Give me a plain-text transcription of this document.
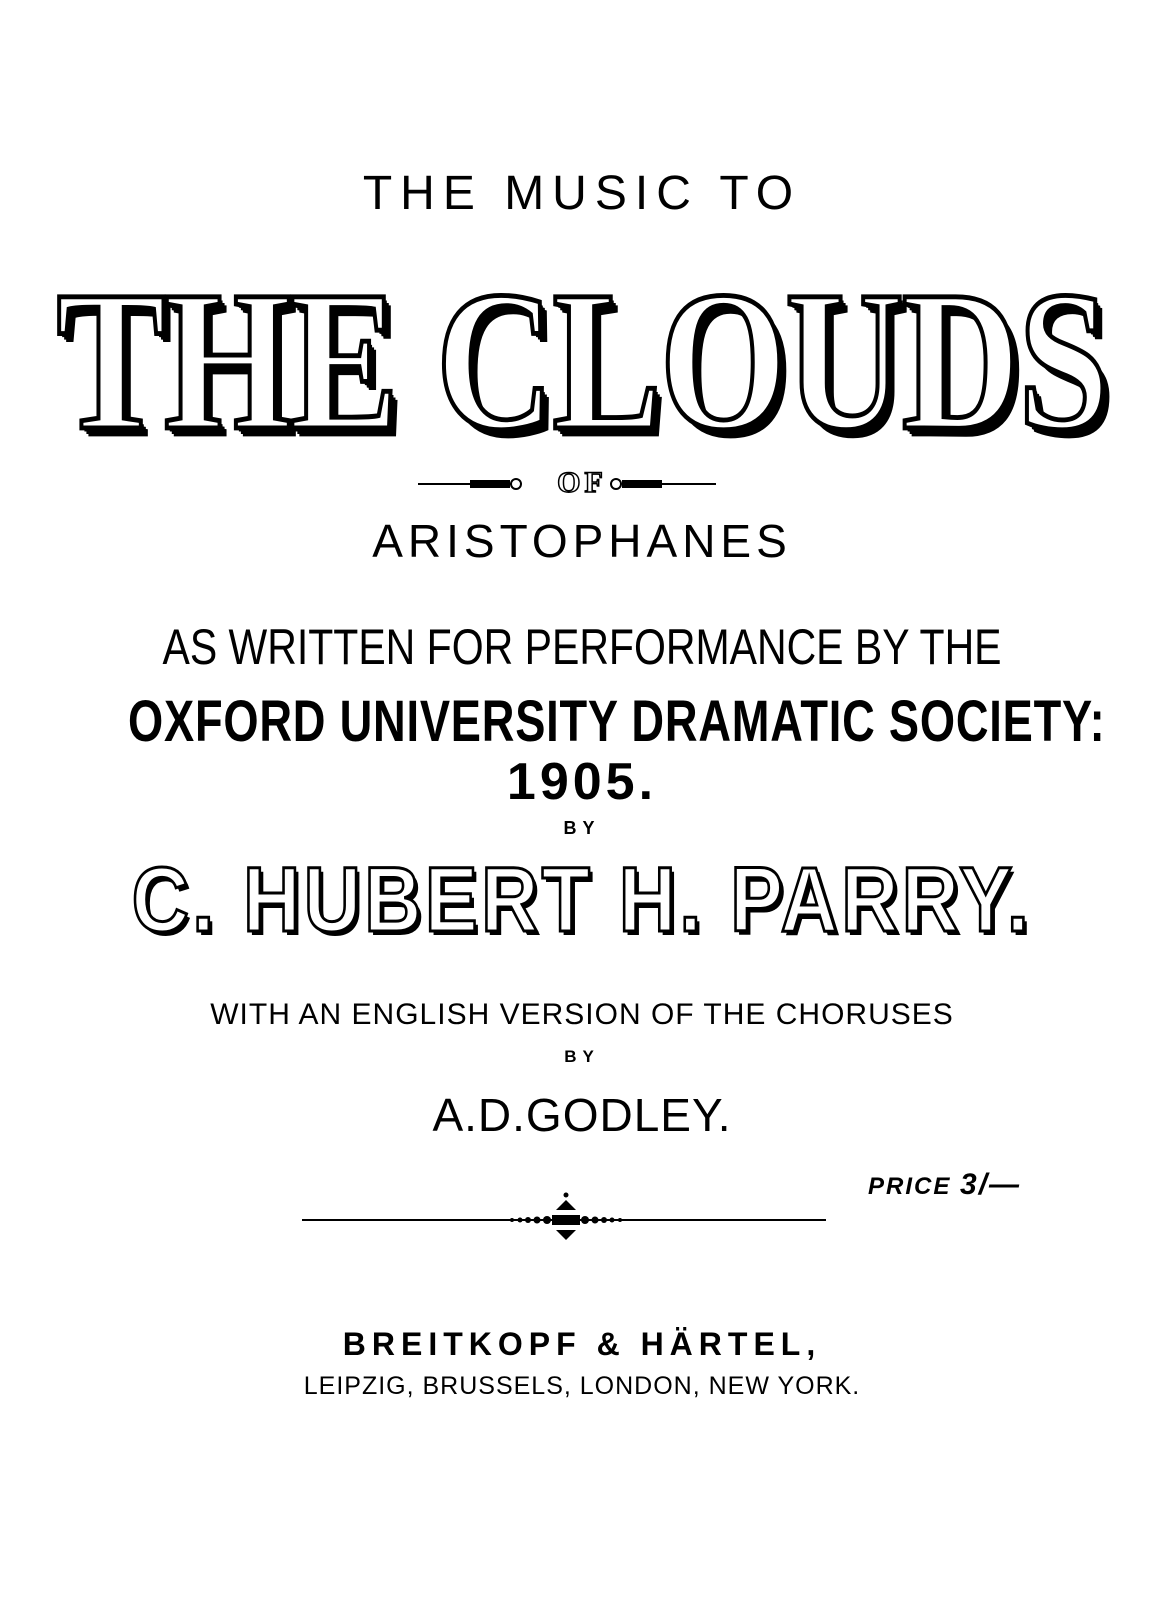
THE MUSIC TO
THE CLOUDS
OF
ARISTOPHANES
AS WRITTEN FOR PERFORMANCE BY THE
OXFORD UNIVERSITY DRAMATIC SOCIETY:
1905.
BY
C. HUBERT H. PARRY.
WITH AN ENGLISH VERSION OF THE CHORUSES
BY
A.D.GODLEY.
PRICE 3/—
BREITKOPF & HÄRTEL,
LEIPZIG, BRUSSELS, LONDON, NEW YORK.
